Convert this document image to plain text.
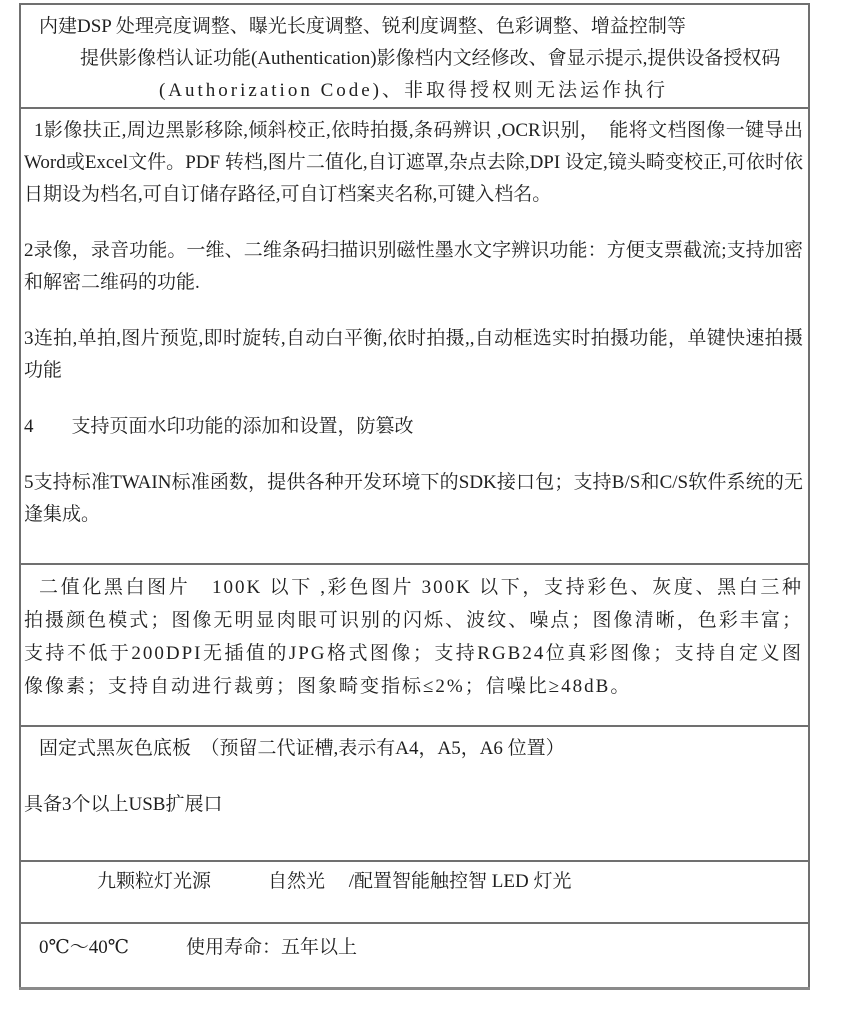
内建DSP 处理亮度调整、曝光长度调整、锐利度调整、色彩调整、增益控制等

提供影像档认证功能(Authentication)影像档内文经修改、會显示提示,提供设备授权码

(Authorization Code)、非取得授权则无法运作执行

1影像扶正,周边黑影移除,倾斜校正,依時拍摄,条码辨识 ,OCR识别，　能将文档图像一键导出Word或Excel文件。PDF 转档,图片二值化,自订遮罩,杂点去除,DPI 设定,镜头畸变校正,可依时依日期设为档名,可自订储存路径,可自订档案夹名称,可键入档名。

2录像，录音功能。一维、二维条码扫描识别磁性墨水文字辨识功能：方便支票截流;支持加密和解密二维码的功能.

3连拍,单拍,图片预览,即时旋转,自动白平衡,依时拍摄,,自动框选实时拍摄功能，单键快速拍摄功能

4　　支持页面水印功能的添加和设置，防篡改

5支持标准TWAIN标准函数，提供各种开发环境下的SDK接口包；支持B/S和C/S软件系统的无逢集成。

二值化黑白图片　100K 以下 ,彩色图片 300K 以下，支持彩色、灰度、黑白三种拍摄颜色模式；图像无明显肉眼可识别的闪烁、波纹、噪点；图像清晰，色彩丰富；支持不低于200DPI无插值的JPG格式图像；支持RGB24位真彩图像；支持自定义图像像素；支持自动进行裁剪；图象畸变指标≤2%；信噪比≥48dB。

固定式黑灰色底板　（预留二代证槽,表示有A4，A5，A6 位置）

具备3个以上USB扩展口

九颗粒灯光源　　　自然光　 /配置智能触控智 LED 灯光

0℃～40℃　　　使用寿命：五年以上
